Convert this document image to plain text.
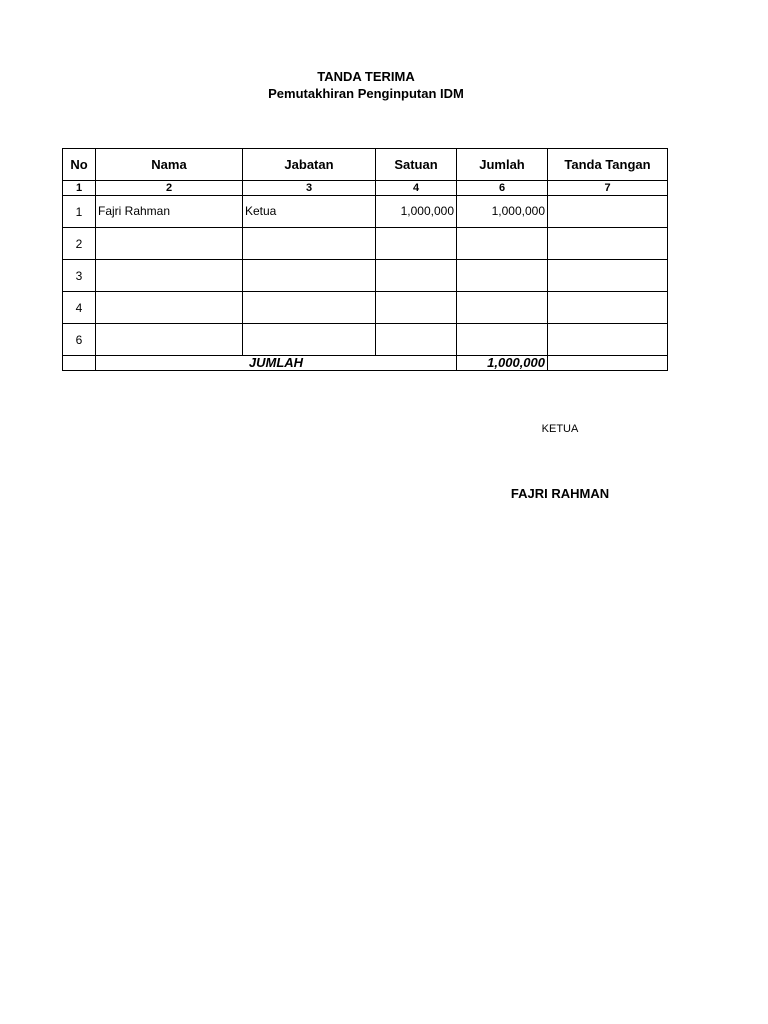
TANDA TERIMA
Pemutakhiran Penginputan IDM
No	Nama	Jabatan	Satuan	Jumlah	Tanda Tangan
1	2	3	4	6	7
1	Fajri Rahman	Ketua	1,000,000	1,000,000	
2					
3					
4					
6					
	JUMLAH			1,000,000	
KETUA
FAJRI RAHMAN
